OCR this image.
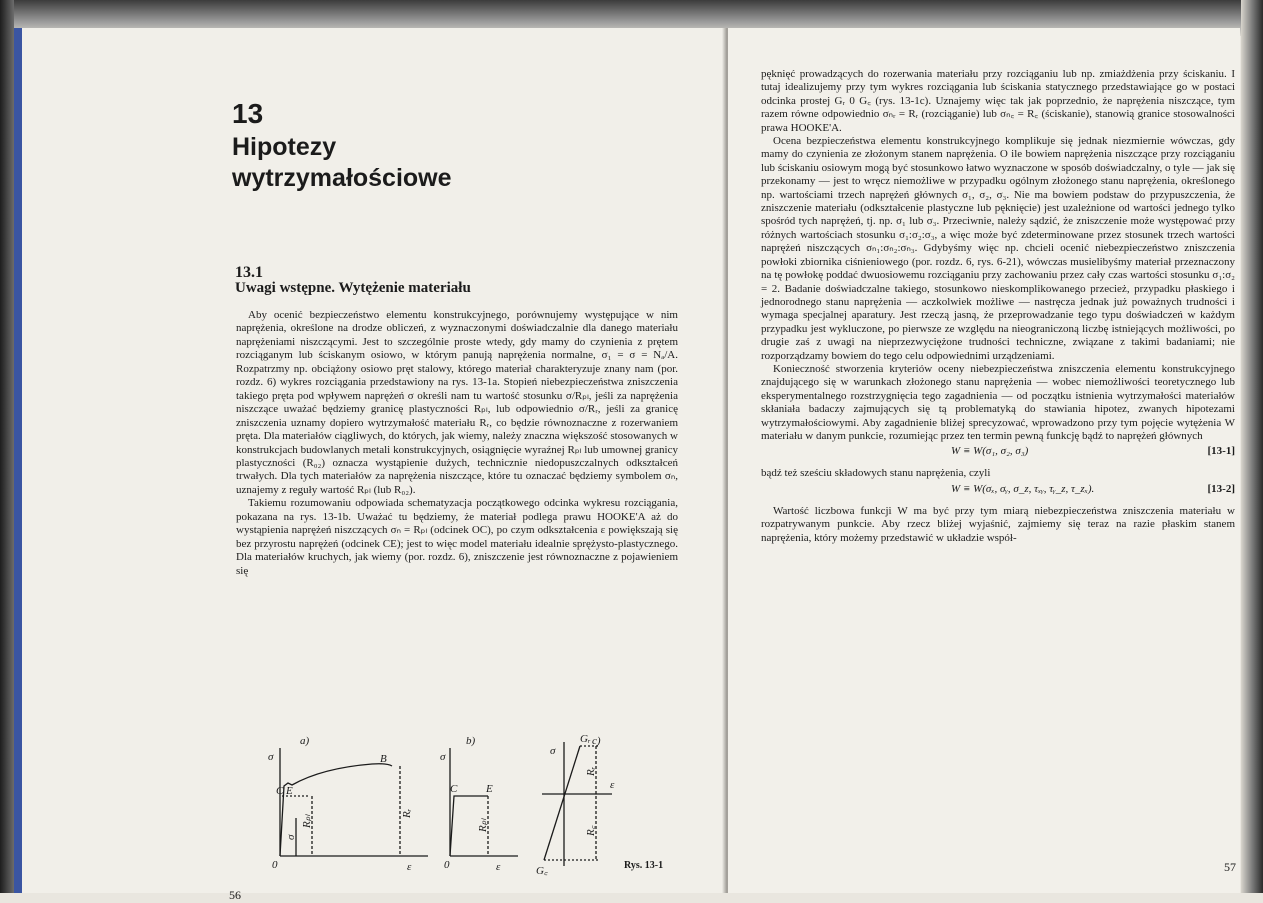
13
Hipotezy wytrzymałościowe
13.1
Uwagi wstępne. Wytężenie materiału

Aby ocenić bezpieczeństwo elementu konstrukcyjnego, porównujemy występujące w nim naprężenia, określone na drodze obliczeń, z wyznaczonymi doświadczalnie dla danego materiału naprężeniami niszczącymi. Jest to szczególnie proste wtedy, gdy mamy do czynienia z prętem rozciąganym lub ściskanym osiowo, w którym panują naprężenia normalne, σ₁ = σ = Nₐ/A. Rozpatrzmy np. obciążony osiowo pręt stalowy, którego materiał charakteryzuje znany nam (por. rozdz. 6) wykres rozciągania przedstawiony na rys. 13-1a. Stopień niebezpieczeństwa zniszczenia takiego pręta pod wpływem naprężeń σ określi nam tu wartość stosunku σ/Rₚₗ, jeśli za naprężenia niszczące uważać będziemy granicę plastyczności Rₚₗ, lub odpowiednio σ/Rᵣ, jeśli za granicę zniszczenia uznamy dopiero wytrzymałość materiału Rᵣ, co będzie równoznaczne z rozerwaniem pręta. Dla materiałów ciągliwych, do których, jak wiemy, należy znaczna większość stosowanych w konstrukcjach budowlanych metali konstrukcyjnych, osiągnięcie wyraźnej Rₚₗ lub umownej granicy plastyczności (R₀₂) oznacza wystąpienie dużych, technicznie niedopuszczalnych odkształceń trwałych. Dla tych materiałów za naprężenia niszczące, które tu oznaczać będziemy symbolem σₙ, uznajemy z reguły wartość Rₚₗ (lub R₀₂).

Takiemu rozumowaniu odpowiada schematyzacja początkowego odcinka wykresu rozciągania, pokazana na rys. 13-1b. Uważać tu będziemy, że materiał podlega prawu HOOKE'A aż do wystąpienia naprężeń niszczących σₙ = Rₚₗ (odcinek OC), po czym odkształcenia ε powiększają się bez przyrostu naprężeń (odcinek CE); jest to więc model materiału idealnie sprężysto-plastycznego. Dla materiałów kruchych, jak wiemy (por. rozdz. 6), zniszczenie jest równoznaczne z pojawieniem się

a)	b)	c)
σ	σ	σ
0	0
ε	ε
ε
E
C
B
E
C
Gᵣ
G꜀
Rₚₗ
Rᵣ
σ
Rₚₗ
Rᵣ
R꜀
Rys. 13-1
56

pęknięć prowadzących do rozerwania materiału przy rozciąganiu lub np. zmiażdżenia przy ściskaniu. I tutaj idealizujemy przy tym wykres rozciągania lub ściskania statycznego przedstawiające go w postaci odcinka prostej Gᵣ 0 G꜀ (rys. 13-1c). Uznajemy więc tak jak poprzednio, że naprężenia niszczące, tym razem równe odpowiednio σₙᵣ = Rᵣ (rozciąganie) lub σₙ꜀ = R꜀ (ściskanie), stanowią granice stosowalności prawa HOOKE'A.

Ocena bezpieczeństwa elementu konstrukcyjnego komplikuje się jednak niezmiernie wówczas, gdy mamy do czynienia ze złożonym stanem naprężenia. O ile bowiem naprężenia niszczące przy rozciąganiu lub ściskaniu osiowym mogą być stosunkowo łatwo wyznaczone w sposób doświadczalny, o tyle — jak się przekonamy — jest to wręcz niemożliwe w przypadku ogólnym złożonego stanu naprężenia, określonego np. wartościami trzech naprężeń głównych σ₁, σ₂, σ₃. Nie ma bowiem podstaw do przypuszczenia, że zniszczenie materiału (odkształcenie plastyczne lub pęknięcie) jest uzależnione od wartości jednego tylko spośród tych naprężeń, tj. np. σ₁ lub σ₃. Przeciwnie, należy sądzić, że zniszczenie może występować przy różnych wartościach stosunku σ₁:σ₂:σ₃, a więc może być zdeterminowane przez stosunek trzech wartości naprężeń niszczących σₙ₁:σₙ₂:σₙ₃. Gdybyśmy więc np. chcieli ocenić niebezpieczeństwo zniszczenia powłoki zbiornika ciśnieniowego (por. rozdz. 6, rys. 6-21), wówczas musielibyśmy materiał przeznaczony na tę powłokę poddać dwuosiowemu rozciąganiu przy zachowaniu przez cały czas wartości stosunku σ₁:σ₂ = 2. Badanie doświadczalne takiego, stosunkowo nieskomplikowanego przecież, przypadku płaskiego i jednorodnego stanu naprężenia — aczkolwiek możliwe — nastręcza jednak już poważnych trudności i wymaga specjalnej aparatury. Jest rzeczą jasną, że przeprowadzanie tego typu doświadczeń w każdym przypadku jest wykluczone, po pierwsze ze względu na nieograniczoną liczbę istniejących możliwości, po drugie zaś z uwagi na nieprzezwyciężone trudności techniczne, związane z takimi badaniami; nie rozporządzamy bowiem do tego celu odpowiednimi urządzeniami.

Konieczność stworzenia kryteriów oceny niebezpieczeństwa zniszczenia elementu konstrukcyjnego znajdującego się w warunkach złożonego stanu naprężenia — wobec niemożliwości teoretycznego lub eksperymentalnego rozstrzygnięcia tego zagadnienia — od początku istnienia wytrzymałości materiałów skłaniała badaczy zajmujących się tą problematyką do stawiania hipotez, zwanych hipotezami wytrzymałościowymi. Aby zagadnienie bliżej sprecyzować, wprowadzono przy tym pojęcie wytężenia W materiału w danym punkcie, rozumiejąc przez ten termin pewną funkcję bądź to naprężeń głównych

W ≡ W(σ₁, σ₂, σ₃)	[13-1]

bądź też sześciu składowych stanu naprężenia, czyli

W ≡ W(σₓ, σᵧ, σ_z, τₓᵧ, τᵧ_z, τ_zₓ).	[13-2]

Wartość liczbowa funkcji W ma być przy tym miarą niebezpieczeństwa zniszczenia materiału w rozpatrywanym punkcie. Aby rzecz bliżej wyjaśnić, zajmiemy się teraz na razie płaskim stanem naprężenia, który możemy przedstawić w układzie współ-

57
